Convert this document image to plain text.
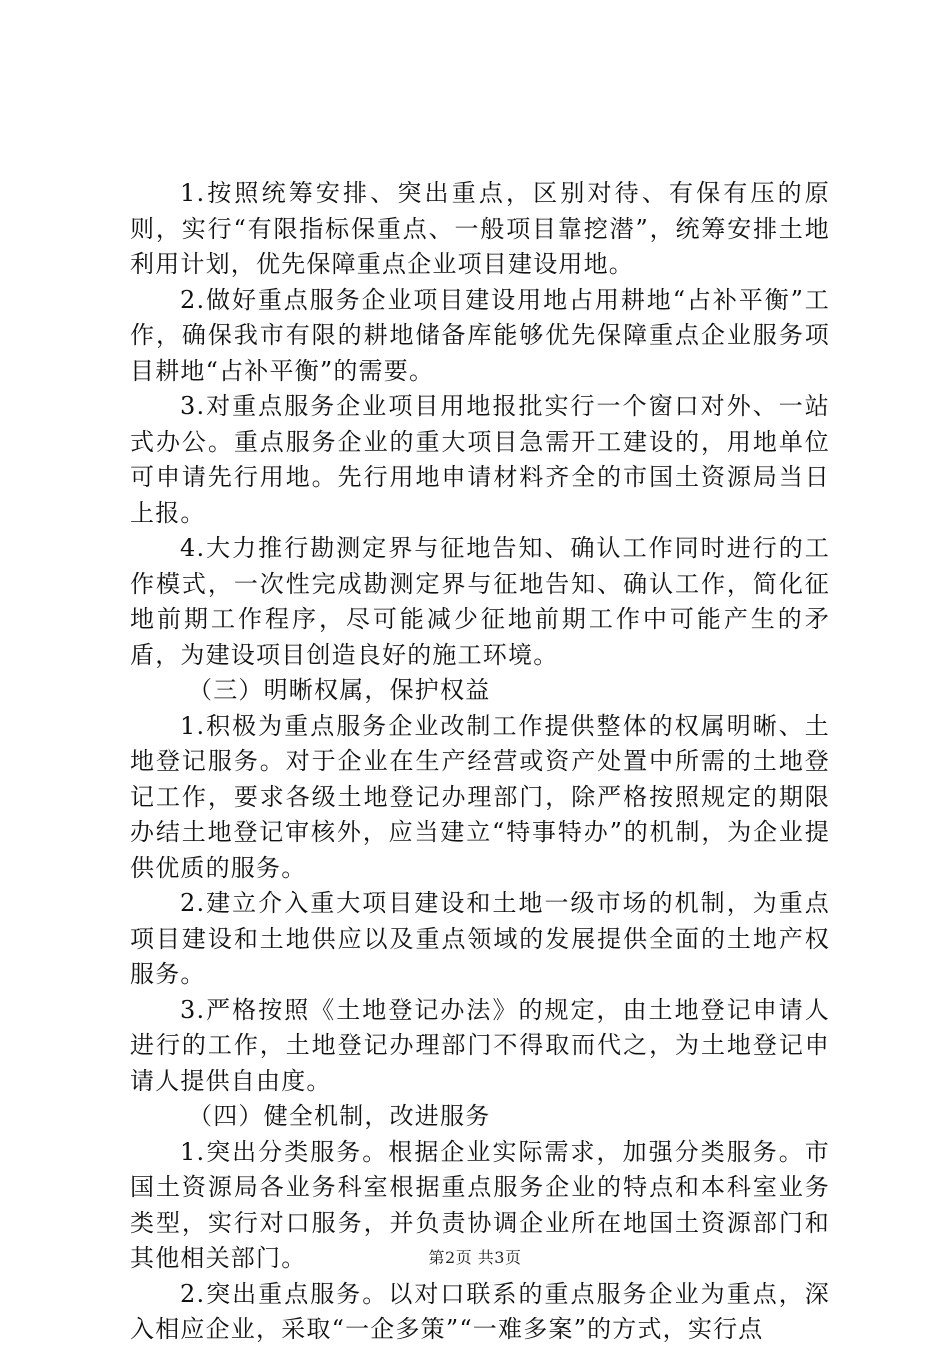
1.按照统筹安排、突出重点，区别对待、有保有压的原则，实行“有限指标保重点、一般项目靠挖潜”，统筹安排土地利用计划，优先保障重点企业项目建设用地。

2.做好重点服务企业项目建设用地占用耕地“占补平衡”工作，确保我市有限的耕地储备库能够优先保障重点企业服务项目耕地“占补平衡”的需要。

3.对重点服务企业项目用地报批实行一个窗口对外、一站式办公。重点服务企业的重大项目急需开工建设的，用地单位可申请先行用地。先行用地申请材料齐全的市国土资源局当日上报。

4.大力推行勘测定界与征地告知、确认工作同时进行的工作模式，一次性完成勘测定界与征地告知、确认工作，简化征地前期工作程序，尽可能减少征地前期工作中可能产生的矛盾，为建设项目创造良好的施工环境。

（三）明晰权属，保护权益

1.积极为重点服务企业改制工作提供整体的权属明晰、土地登记服务。对于企业在生产经营或资产处置中所需的土地登记工作，要求各级土地登记办理部门，除严格按照规定的期限办结土地登记审核外，应当建立“特事特办”的机制，为企业提供优质的服务。

2.建立介入重大项目建设和土地一级市场的机制，为重点项目建设和土地供应以及重点领域的发展提供全面的土地产权服务。

3.严格按照《土地登记办法》的规定，由土地登记申请人进行的工作，土地登记办理部门不得取而代之，为土地登记申请人提供自由度。

（四）健全机制，改进服务

1.突出分类服务。根据企业实际需求，加强分类服务。市国土资源局各业务科室根据重点服务企业的特点和本科室业务类型，实行对口服务，并负责协调企业所在地国土资源部门和其他相关部门。

2.突出重点服务。以对口联系的重点服务企业为重点，深入相应企业，采取“一企多策”“一难多案”的方式，实行点

第2页 共3页
